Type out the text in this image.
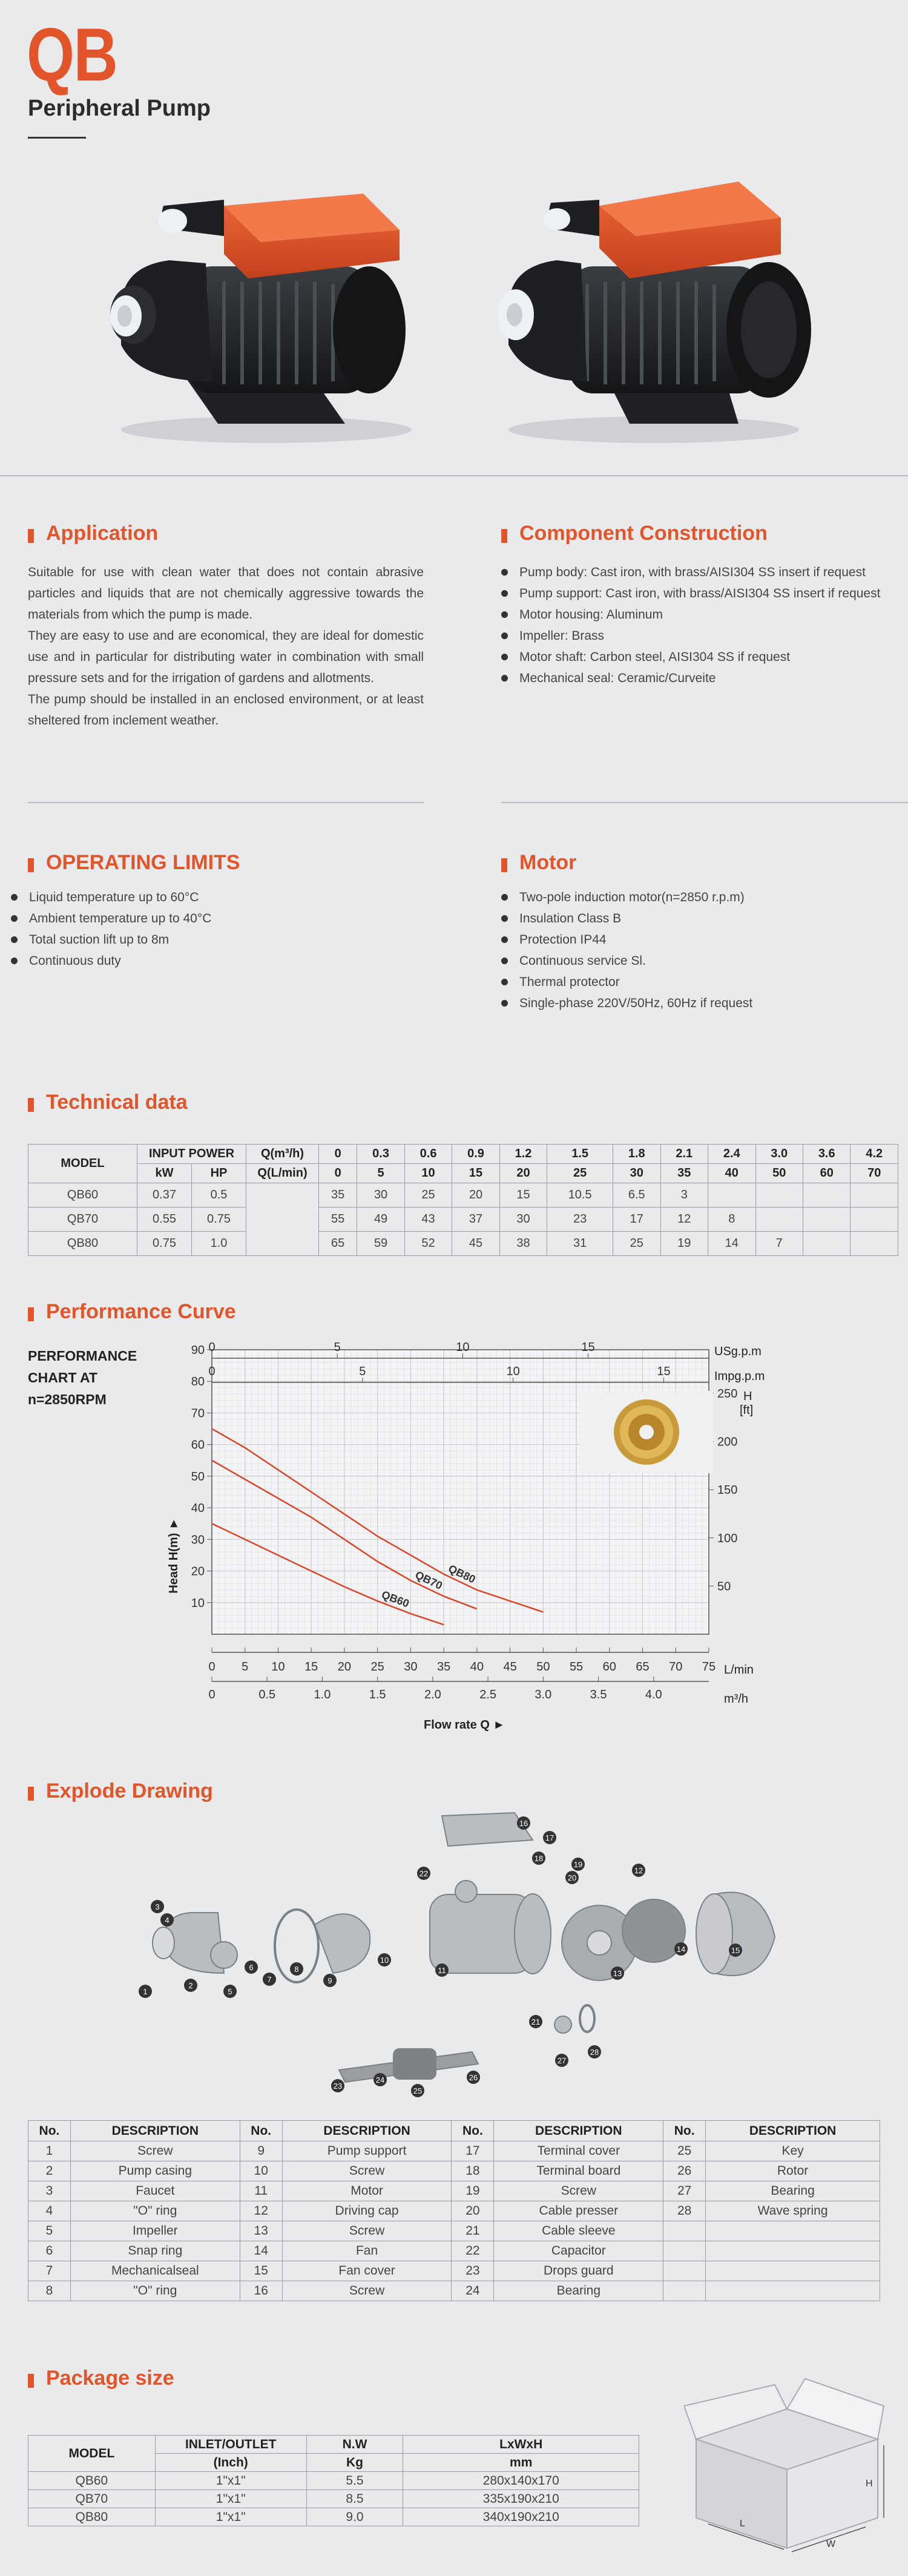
QB
Peripheral Pump
Application

Suitable for use with clean water that does not contain abrasive particles and liquids that are not chemically aggressive towards the materials from which the pump is made.

They are easy to use and are economical, they are ideal for domestic use and in particular for distributing water in combination with small pressure sets and for the irrigation of gardens and allotments.

The pump should be installed in an enclosed environment, or at least sheltered from inclement weather.

Component Construction
Pump body: Cast iron, with brass/AISI304 SS insert if request
Pump support: Cast iron, with brass/AISI304 SS insert if request
Motor housing: Aluminum
Impeller: Brass
Motor shaft: Carbon steel, AISI304 SS if request
Mechanical seal: Ceramic/Curveite
OPERATING LIMITS
Liquid temperature up to 60°C
Ambient temperature up to 40°C
Total suction lift up to 8m
Continuous duty
Motor
Two-pole induction motor(n=2850 r.p.m)
Insulation Class B
Protection IP44
Continuous service Sl.
Thermal protector
Single-phase 220V/50Hz, 60Hz if request
Technical data
MODEL	INPUT POWER		Q(m³/h)	0	0.3	0.6	0.9	1.2	1.5	1.8	2.1	2.4	3.0	3.6	4.2
	kW	HP	Q(L/min)	0	5	10	15	20	25	30	35	40	50	60	70
QB60	0.37	0.5		35	30	25	20	15	10.5	6.5	3				
QB70	0.55	0.75		55	49	43	37	30	23	17	12	8			
QB80	0.75	1.0		65	59	52	45	38	31	25	19	14	7		
Performance Curve
PERFORMANCE
CHART AT
n=2850RPM
QB60
QB70 QB80
90
80
70
60
50
40
30
20
10
0 5 10 15 20 25 30 35 40 45 50 55 60 65 70 75
0	0.5	1.0	1.5	2.0	2.5	3.0	3.5	4.0
0	5	10	15
0	5	10	15
250
200
150
100
50
USg.p.m
Impg.p.m
H
[ft]
L/min
m³/h
Flow rate Q ►
Head H(m) ►
Explode Drawing
16
17
18
22
19
20
12
3
4
1
2
5
6
7
8
9
10
11	13
14	15
21
23
24
25
26
27
28
No.	DESCRIPTION	No.	DESCRIPTION	No.	DESCRIPTION	No.	DESCRIPTION
1	Screw	9	Pump support	17	Terminal cover	25	Key
2	Pump casing	10	Screw	18	Terminal board	26	Rotor
3	Faucet	11	Motor	19	Screw	27	Bearing
4	"O" ring	12	Driving cap	20	Cable presser	28	Wave spring
5	Impeller	13	Screw	21	Cable sleeve		
6	Snap ring	14	Fan	22	Capacitor		
7	Mechanicalseal	15	Fan cover	23	Drops guard		
8	"O" ring	16	Screw	24	Bearing		
Package size
MODEL	INLET/OUTLET	N.W	LxWxH
	(Inch)	Kg	mm
QB60	1"x1"	5.5	280x140x170
QB70	1"x1"	8.5	335x190x210
QB80	1"x1"	9.0	340x190x210
H
L
W
